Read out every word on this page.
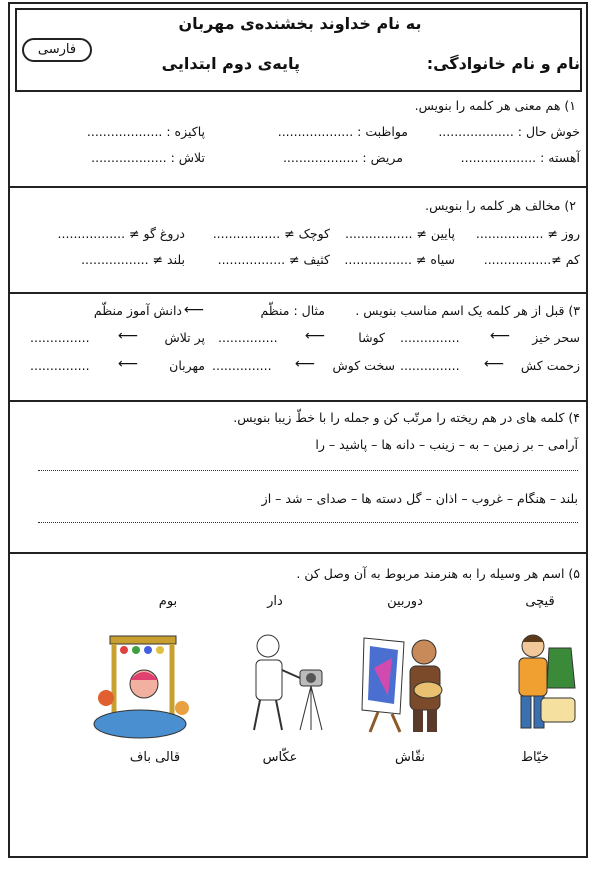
به نام خداوند بخشنده‌ی مهربان
نام و نام خانوادگی:
پایه‌ی دوم ابتدایی
فارسی
۱) هم معنی هر کلمه را بنویس.
خوش حال : ...................
مواظبت : ...................
پاکیزه : ...................
آهسته : ...................
مریض : ...................
تلاش : ...................
۲) مخالف هر کلمه را بنویس.
روز ≠ .................
پایین ≠ .................
کوچک ≠ .................
دروغ گو ≠ .................
کم ≠.................
سیاه ≠ .................
کثیف ≠ .................
بلند ≠ .................
۳) قبل از هر کلمه یک اسم مناسب بنویس .
مثال : منظّم
⟵
دانش آموز منظّم
سحر خیز
⟵
...............
کوشا
⟵
...............
پر تلاش
⟵
...............
زحمت کش
⟵
...............
سخت کوش
⟵
...............
مهربان
⟵
...............
۴) کلمه های در هم ریخته را مرتّب کن و جمله را با خطّ زیبا بنویس.
آرامی – بر زمین – به – زینب – دانه ها – پاشید – را
بلند – هنگام – غروب – اذان – گل دسته ها – صدای – شد – از
۵) اسم هر وسیله را به هنرمند مربوط به آن وصل کن .
قیچی
دوربین
دار
بوم
خیّاط
نقّاش
عکّاس
قالی باف
